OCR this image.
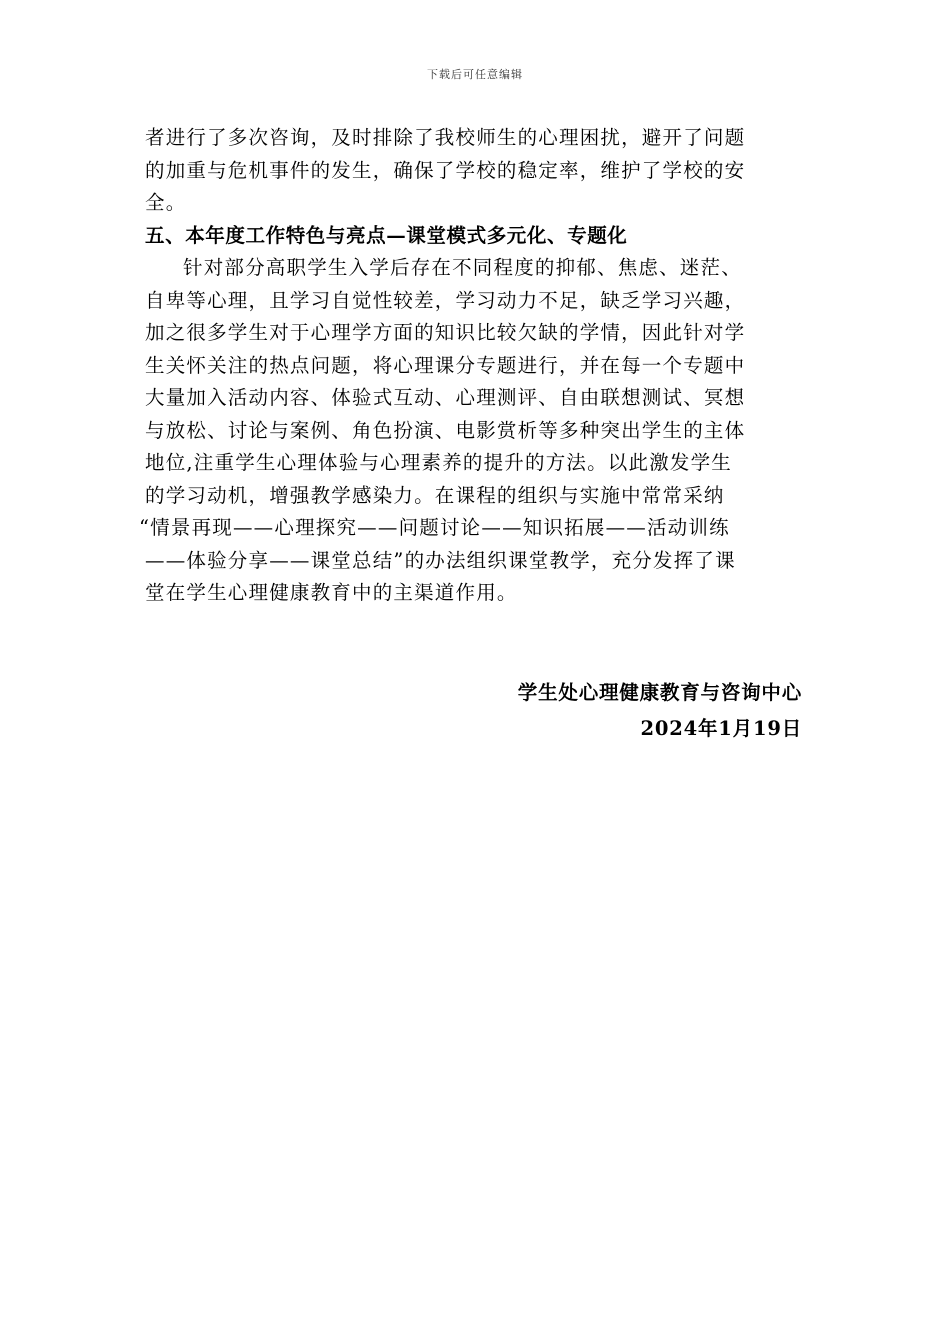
下载后可任意编辑
者进行了多次咨询，及时排除了我校师生的心理困扰，避开了问题
的加重与危机事件的发生，确保了学校的稳定率，维护了学校的安
全。
五、本年度工作特色与亮点—课堂模式多元化、专题化
针对部分高职学生入学后存在不同程度的抑郁、焦虑、迷茫、
自卑等心理，且学习自觉性较差，学习动力不足，缺乏学习兴趣，
加之很多学生对于心理学方面的知识比较欠缺的学情，因此针对学
生关怀关注的热点问题，将心理课分专题进行，并在每一个专题中
大量加入活动内容、体验式互动、心理测评、自由联想测试、冥想
与放松、讨论与案例、角色扮演、电影赏析等多种突出学生的主体
地位,注重学生心理体验与心理素养的提升的方法。以此激发学生
的学习动机，增强教学感染力。在课程的组织与实施中常常采纳
“情景再现——心理探究——问题讨论——知识拓展——活动训练
——体验分享——课堂总结”的办法组织课堂教学，充分发挥了课
堂在学生心理健康教育中的主渠道作用。
学生处心理健康教育与咨询中心
2024年1月19日
